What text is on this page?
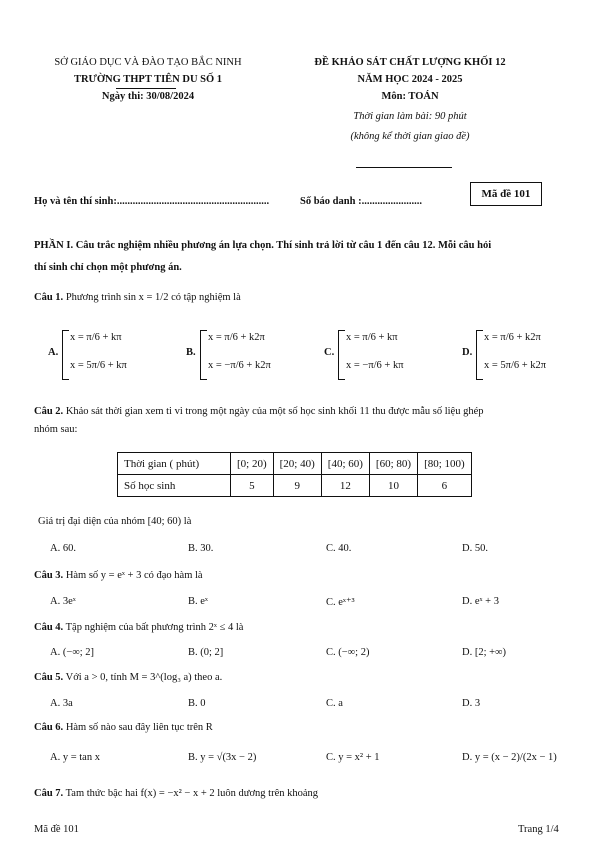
SỞ GIÁO DỤC VÀ ĐÀO TẠO BẮC NINH
TRƯỜNG THPT TIÊN DU SỐ 1
Ngày thi: 30/08/2024
ĐỀ KHẢO SÁT CHẤT LƯỢNG KHỐI 12
NĂM HỌC 2024 - 2025
Môn: TOÁN
Thời gian làm bài: 90 phút
(không kể thời gian giao đề)
Họ và tên thí sinh:..........................................................	Số báo danh :.......................
Mã đề 101
PHẦN I. Câu trắc nghiệm nhiều phương án lựa chọn. Thí sinh trả lời từ câu 1 đến câu 12. Mỗi câu hỏi
thí sinh chỉ chọn một phương án.
Câu 1. Phương trình sin x = 1/2 có tập nghiệm là
A.
x = π/6 + kπ
x = 5π/6 + kπ
B.
x = π/6 + k2π
x = −π/6 + k2π
C.
x = π/6 + kπ
x = −π/6 + kπ
D.
x = π/6 + k2π
x = 5π/6 + k2π
Câu 2. Khảo sát thời gian xem ti vi trong một ngày của một số học sinh khối 11 thu được mẫu số liệu ghép
nhóm sau:
Thời gian ( phút)	[0; 20)	[20; 40)	[40; 60)	[60; 80)	[80; 100)
Số học sinh	5	9	12	10	6
Giá trị đại diện của nhóm [40; 60) là
A. 60.	B. 30.	C. 40.	D. 50.
Câu 3. Hàm số y = eˣ + 3 có đạo hàm là
A. 3eˣ	B. eˣ	C. eˣ⁺³	D. eˣ + 3
Câu 4. Tập nghiệm của bất phương trình 2ˣ ≤ 4 là
A. (−∞; 2]	B. (0; 2]	C. (−∞; 2)	D. [2; +∞)
Câu 5. Với a > 0, tính M = 3^(log₃ a) theo a.
A. 3a	B. 0	C. a	D. 3
Câu 6. Hàm số nào sau đây liên tục trên R
A. y = tan x	B. y = √(3x − 2)	C. y = x² + 1	D. y = (x − 2)/(2x − 1)
Câu 7. Tam thức bậc hai f(x) = −x² − x + 2 luôn dương trên khoảng
Mã đề 101	Trang 1/4
